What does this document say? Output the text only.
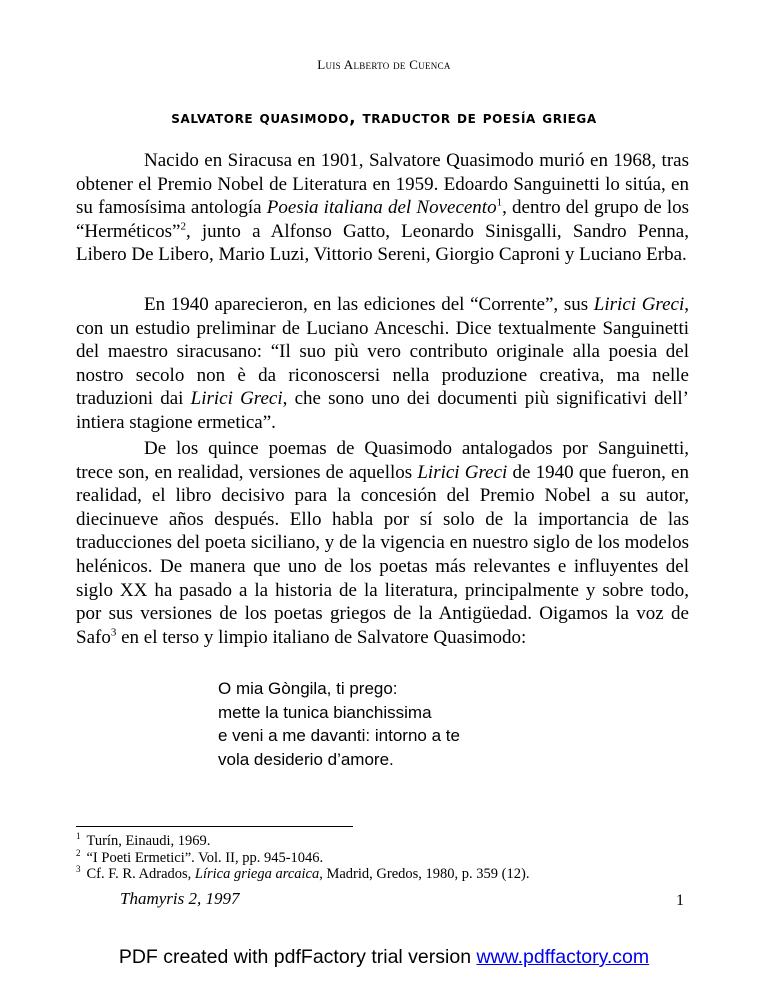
Luis Alberto de Cuenca
salvatore quasimodo, traductor de poesía griega

Nacido en Siracusa en 1901, Salvatore Quasimodo murió en 1968, tras obtener el Premio Nobel de Literatura en 1959. Edoardo Sanguinetti lo sitúa, en su famosísima antología Poesia italiana del Novecento$^1$, dentro del grupo de los “Herméticos”$^2$, junto a Alfonso Gatto, Leonardo Sinisgalli, Sandro Penna, Libero De Libero, Mario Luzi, Vittorio Sereni, Giorgio Caproni y Luciano Erba.

En 1940 aparecieron, en las ediciones del “Corrente”, sus Lirici Greci, con un estudio preliminar de Luciano Anceschi. Dice textualmente Sanguinetti del maestro siracusano: “Il suo più vero contributo originale alla poesia del nostro secolo non è da riconoscersi nella produzione creativa, ma nelle traduzioni dai Lirici Greci, che sono uno dei documenti più significativi dell’ intiera stagione ermetica”.

De los quince poemas de Quasimodo antalogados por Sanguinetti, trece son, en realidad, versiones de aquellos Lirici Greci de 1940 que fueron, en realidad, el libro decisivo para la concesión del Premio Nobel a su autor, diecinueve años después. Ello habla por sí solo de la importancia de las traducciones del poeta siciliano, y de la vigencia en nuestro siglo de los modelos helénicos. De manera que uno de los poetas más relevantes e influyentes del siglo XX ha pasado a la historia de la literatura, principalmente y sobre todo, por sus versiones de los poetas griegos de la Antigüedad. Oigamos la voz de Safo$^3$ en el terso y limpio italiano de Salvatore Quasimodo:

O mia Gòngila, ti prego:
mette la tunica bianchissima
e veni a me davanti: intorno a te
vola desiderio d’amore.
$^1$ Turín, Einaudi, 1969.
$^2$ “I Poeti Ermetici”. Vol. II, pp. 945-1046.
$^3$ Cf. F. R. Adrados, Lírica griega arcaica, Madrid, Gredos, 1980, p. 359 (12).
Thamyris 2, 1997	1
PDF created with pdfFactory trial version www.pdffactory.com
